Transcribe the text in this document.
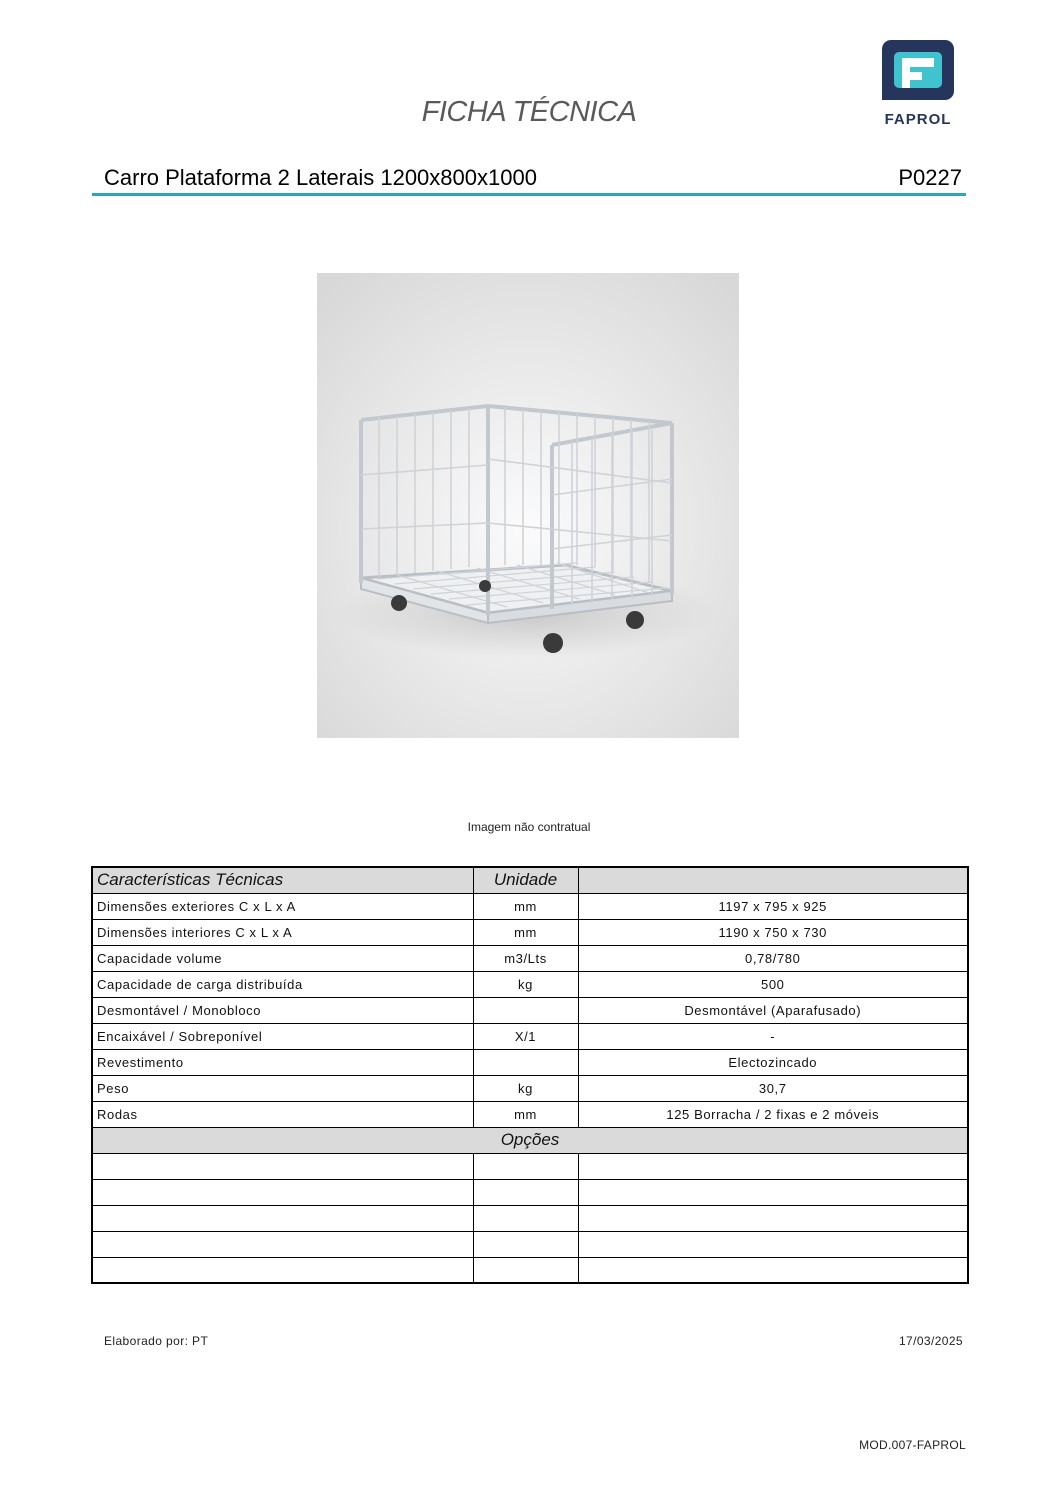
FAPROL
FICHA TÉCNICA
Carro Plataforma 2 Laterais 1200x800x1000	P0227
Imagem não contratual
Características Técnicas	Unidade	
Dimensões exteriores C x L x A	mm	1197 x 795 x 925
Dimensões interiores C x L x A	mm	1190 x 750 x 730
Capacidade volume	m3/Lts	0,78/780
Capacidade de carga distribuída	kg	500
Desmontável / Monobloco		Desmontável (Aparafusado)
Encaixável / Sobreponível	X/1	-
Revestimento		Electozincado
Peso	kg	30,7
Rodas	mm	125 Borracha / 2 fixas e 2 móveis
Opções		

Elaborado por: PT	17/03/2025
MOD.007-FAPROL
